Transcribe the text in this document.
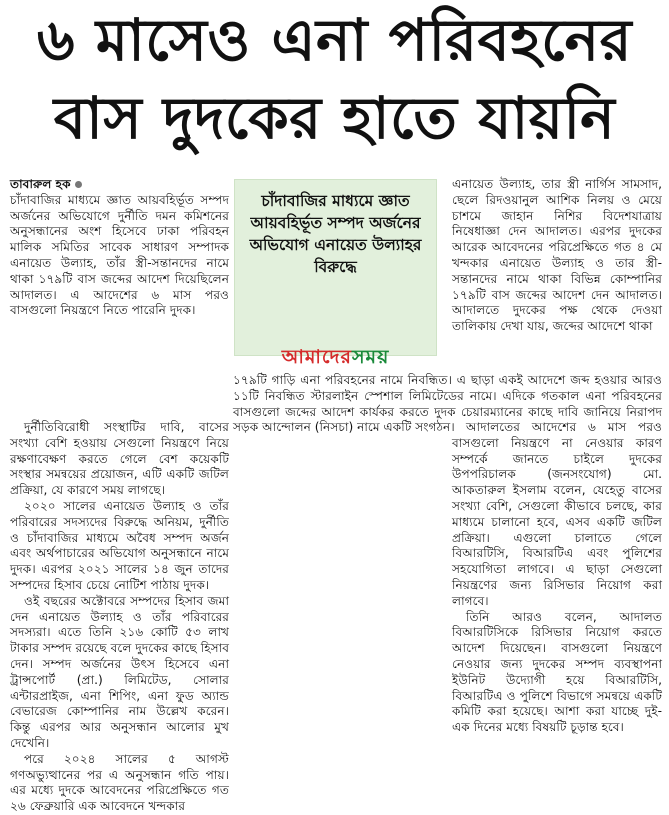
৬ মাসেও এনা পরিবহনের
বাস দুদকের হাতে যায়নি
তাবারুল হক

চাঁদাবাজির মাধ্যমে জ্ঞাত আয়বহির্ভূত সম্পদ অর্জনের অভিযোগে দুর্নীতি দমন কমিশনের অনুসন্ধানের অংশ হিসেবে ঢাকা পরিবহন মালিক সমিতির সাবেক সাধারণ সম্পাদক এনায়েত উল্যাহ, তাঁর স্ত্রী-সন্তানদের নামে থাকা ১৭৯টি বাস জব্দের আদেশ দিয়েছিলেন আদালত। এ আদেশের ৬ মাস পরও বাসগুলো নিয়ন্ত্রণে নিতে পারেনি দুদক।

চাঁদাবাজির মাধ্যমে জ্ঞাত আয়বহির্ভূত সম্পদ অর্জনের অভিযোগ এনায়েত উল্যাহর বিরুদ্ধে
আমাদেরসময়

এনায়েত উল্যাহ, তার স্ত্রী নার্গিস সামসাদ, ছেলে রিদওয়ানুল আশিক নিলয় ও মেয়ে চাশমে জাহান নিশির বিদেশযাত্রায় নিষেধাজ্ঞা দেন আদালত। এরপর দুদকের আরেক আবেদনের পরিপ্রেক্ষিতে গত ৪ মে খন্দকার এনায়েত উল্যাহ ও তার স্ত্রী-সন্তানদের নামে থাকা বিভিন্ন কোম্পানির ১৭৯টি বাস জব্দের আদেশ দেন আদালত। আদালতে দুদকের পক্ষ থেকে দেওয়া তালিকায় দেখা যায়, জব্দের আদেশে থাকা

১৭৯টি গাড়ি এনা পরিবহনের নামে নিবন্ধিত। এ ছাড়া একই আদেশে জব্দ হওয়ার আরও ১১টি নিবন্ধিত স্টারলাইন স্পেশাল লিমিটেডের নামে। এদিকে গতকাল এনা পরিবহনের বাসগুলো জব্দের আদেশ কার্যকর করতে দুদক চেয়ারম্যানের কাছে দাবি জানিয়ে নিরাপদ সড়ক আন্দোলন (নিসচা) নামে একটি সংগঠন।

দুর্নীতিবিরোধী সংস্থাটির দাবি, বাসের সংখ্যা বেশি হওয়ায় সেগুলো নিয়ন্ত্রণে নিয়ে রক্ষণাবেক্ষণ করতে গেলে বেশ কয়েকটি সংস্থার সমন্বয়ের প্রয়োজন, এটি একটি জটিল প্রক্রিয়া, যে কারণে সময় লাগছে।

২০২০ সালের এনায়েত উল্যাহ ও তাঁর পরিবারের সদস্যদের বিরুদ্ধে অনিয়ম, দুর্নীতি ও চাঁদাবাজির মাধ্যমে অবৈধ সম্পদ অর্জন এবং অর্থপাচারের অভিযোগ অনুসন্ধানে নামে দুদক। এরপর ২০২১ সালের ১৪ জুন তাদের সম্পদের হিসাব চেয়ে নোটিশ পাঠায় দুদক।

ওই বছরের অক্টোবরে সম্পদের হিসাব জমা দেন এনায়েত উল্যাহ ও তাঁর পরিবারের সদস্যরা। এতে তিনি ২১৬ কোটি ৫৩ লাখ টাকার সম্পদ রয়েছে বলে দুদকের কাছে হিসাব দেন। সম্পদ অর্জনের উৎস হিসেবে এনা ট্রান্সপোর্ট (প্রা.) লিমিটেড, সোলার এন্টারপ্রাইজ, এনা শিপিং, এনা ফুড অ্যান্ড বেভারেজ কোম্পানির নাম উল্লেখ করেন। কিন্তু এরপর আর অনুসন্ধান আলোর মুখ দেখেনি।

পরে ২০২৪ সালের ৫ আগস্ট গণঅভ্যুত্থানের পর এ অনুসন্ধান গতি পায়। এর মধ্যে দুদকে আবেদনের পরিপ্রেক্ষিতে গত ২৬ ফেব্রুয়ারি এক আবেদনে খন্দকার

আদালতের আদেশের ৬ মাস পরও বাসগুলো নিয়ন্ত্রণে না নেওয়ার কারণ সম্পর্কে জানতে চাইলে দুদকের উপপরিচালক (জনসংযোগ) মো. আকতারুল ইসলাম বলেন, যেহেতু বাসের সংখ্যা বেশি, সেগুলো কীভাবে চলছে, কার মাধ্যমে চালানো হবে, এসব একটি জটিল প্রক্রিয়া। এগুলো চালাতে গেলে বিআরটিসি, বিআরটিএ এবং পুলিশের সহযোগিতা লাগবে। এ ছাড়া সেগুলো নিয়ন্ত্রণের জন্য রিসিভার নিয়োগ করা লাগবে।

তিনি আরও বলেন, আদালত বিআরটিসিকে রিসিভার নিয়োগ করতে আদেশ দিয়েছেন। বাসগুলো নিয়ন্ত্রণে নেওয়ার জন্য দুদকের সম্পদ ব্যবস্থাপনা ইউনিট উদ্যোগী হয়ে বিআরটিসি, বিআরটিএ ও পুলিশে বিভাগে সমন্বয়ে একটি কমিটি করা হয়েছে। আশা করা যাচ্ছে দুই-এক দিনের মধ্যে বিষয়টি চূড়ান্ত হবে।
